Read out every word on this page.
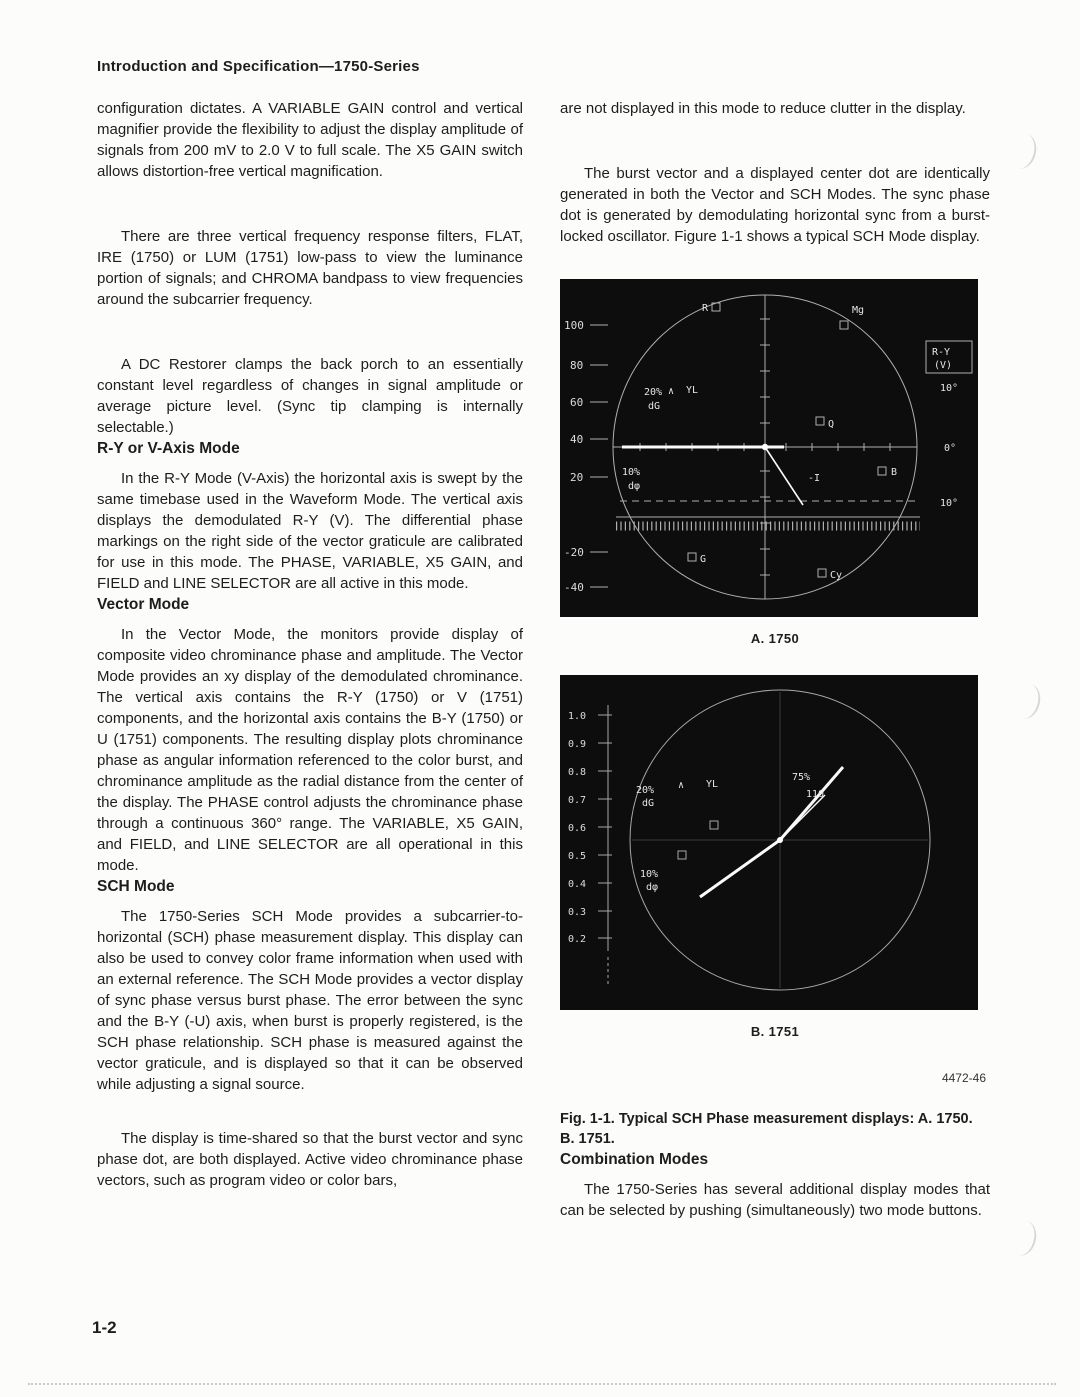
Introduction and Specification—1750-Series

configuration dictates. A VARIABLE GAIN control and vertical magnifier provide the flexibility to adjust the display amplitude of signals from 200 mV to 2.0 V to full scale. The X5 GAIN switch allows distortion-free vertical magnification.

There are three vertical frequency response filters, FLAT, IRE (1750) or LUM (1751) low-pass to view the luminance portion of signals; and CHROMA bandpass to view frequencies around the subcarrier frequency.

A DC Restorer clamps the back porch to an essentially constant level regardless of changes in signal amplitude or average picture level. (Sync tip clamping is internally selectable.)

R-Y or V-Axis Mode

In the R-Y Mode (V-Axis) the horizontal axis is swept by the same timebase used in the Waveform Mode. The vertical axis displays the demodulated R-Y (V). The differential phase markings on the right side of the vector graticule are calibrated for use in this mode. The PHASE, VARIABLE, X5 GAIN, and FIELD and LINE SELECTOR are all active in this mode.

Vector Mode

In the Vector Mode, the monitors provide display of composite video chrominance phase and amplitude. The Vector Mode provides an xy display of the demodulated chrominance. The vertical axis contains the R-Y (1750) or V (1751) components, and the horizontal axis contains the B-Y (1750) or U (1751) components. The resulting display plots chrominance phase as angular information referenced to the color burst, and chrominance amplitude as the radial distance from the center of the display. The PHASE control adjusts the chrominance phase through a continuous 360° range. The VARIABLE, X5 GAIN, and FIELD, and LINE SELECTOR are all operational in this mode.

SCH Mode

The 1750-Series SCH Mode provides a subcarrier-to-horizontal (SCH) phase measurement display. This display can also be used to convey color frame information when used with an external reference. The SCH Mode provides a vector display of sync phase versus burst phase. The error between the sync and the B-Y (-U) axis, when burst is properly registered, is the SCH phase relationship. SCH phase is measured against the vector graticule, and is displayed so that it can be observed while adjusting a signal source.

The display is time-shared so that the burst vector and sync phase dot, are both displayed. Active video chrominance phase vectors, such as program video or color bars,

are not displayed in this mode to reduce clutter in the display.

The burst vector and a displayed center dot are identically generated in both the Vector and SCH Modes. The sync phase dot is generated by demodulating horizontal sync from a burst-locked oscillator. Figure 1-1 shows a typical SCH Mode display.

100
80
60
40
20
-20
-40
R	Mg
20%
dG
∧ YL
10%
dφ
Q
B
-I
Cy
G
R-Y
(V)
10°
0°
10°
A. 1750
1.0
0.9
0.8
0.7
0.6
0.5
0.4
0.3
0.2
20%
dG
∧ YL
75%
110
10%
dφ
B. 1751
4472-46
Fig. 1-1. Typical SCH Phase measurement displays: A. 1750. B. 1751.
Combination Modes

The 1750-Series has several additional display modes that can be selected by pushing (simultaneously) two mode buttons.

1-2
